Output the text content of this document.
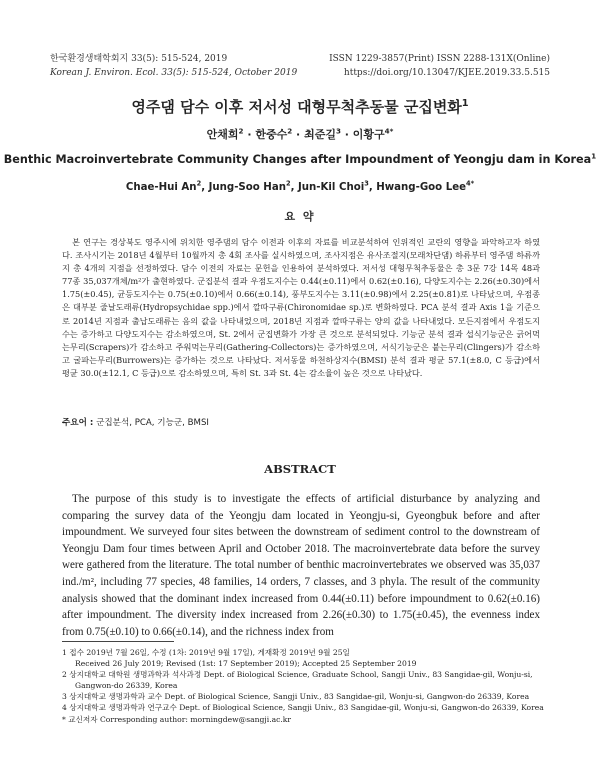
한국환경생태학회지 33(5): 515-524, 2019
Korean J. Environ. Ecol. 33(5): 515-524, October 2019
ISSN 1229-3857(Print) ISSN 2288-131X(Online)
https://doi.org/10.13047/KJEE.2019.33.5.515
영주댐 담수 이후 저서성 대형무척추동물 군집변화$^1$
안채희$^2$ · 한중수$^2$ · 최준길$^3$ · 이황구$^{4*}$
Benthic Macroinvertebrate Community Changes after Impoundment of Yeongju dam in Korea$^1$
Chae-Hui An$^2$, Jung-Soo Han$^2$, Jun-Kil Choi$^3$, Hwang-Goo Lee$^{4*}$
요 약

본 연구는 경상북도 영주시에 위치한 영주댐의 담수 이전과 이후의 자료를 비교분석하여 인위적인 교란의 영향을 파악하고자 하였다. 조사시기는 2018년 4월부터 10월까지 총 4회 조사를 실시하였으며, 조사지점은 유사조절지(모래차단댐) 하류부터 영주댐 하류까지 총 4개의 지점을 선정하였다. 담수 이전의 자료는 문헌을 인용하여 분석하였다. 저서성 대형무척추동물은 총 3문 7강 14목 48과 77종 35,037개체/m²가 출현하였다. 군집분석 결과 우점도지수는 0.44(±0.11)에서 0.62(±0.16), 다양도지수는 2.26(±0.30)에서 1.75(±0.45), 균등도지수는 0.75(±0.10)에서 0.66(±0.14), 풍부도지수는 3.11(±0.98)에서 2.25(±0.81)로 나타났으며, 우점종은 대부분 줄날도래류(Hydropsychidae spp.)에서 깔따구류(Chironomidae sp.)로 변화하였다. PCA 분석 결과 Axis 1을 기준으로 2014년 지점과 출납도래류는 음의 값을 나타내었으며, 2018년 지점과 깔따구류는 양의 값을 나타내었다. 모든지점에서 우점도지수는 증가하고 다양도지수는 감소하였으며, St. 2에서 군집변화가 가장 큰 것으로 분석되었다. 기능군 분석 결과 섭식기능군은 긁어먹는무리(Scrapers)가 감소하고 주워먹는무리(Gathering-Collectors)는 증가하였으며, 서식기능군은 붙는무리(Clingers)가 감소하고 굴파는무리(Burrowers)는 증가하는 것으로 나타났다. 저서동물 하천하상지수(BMSI) 분석 결과 평균 57.1(±8.0, C 등급)에서 평균 30.0(±12.1, C 등급)으로 감소하였으며, 특히 St. 3과 St. 4는 감소율이 높은 것으로 나타났다.

주요어 : 군집분석, PCA, 기능군, BMSI
ABSTRACT

The purpose of this study is to investigate the effects of artificial disturbance by analyzing and comparing the survey data of the Yeongju dam located in Yeongju-si, Gyeongbuk before and after impoundment. We surveyed four sites between the downstream of sediment control to the downstream of Yeongju Dam four times between April and October 2018. The macroinvertebrate data before the survey were gathered from the literature. The total number of benthic macroinvertebrates we observed was 35,037 ind./m², including 77 species, 48 families, 14 orders, 7 classes, and 3 phyla. The result of the community analysis showed that the dominant index increased from 0.44(±0.11) before impoundment to 0.62(±0.16) after impoundment. The diversity index increased from 2.26(±0.30) to 1.75(±0.45), the evenness index from 0.75(±0.10) to 0.66(±0.14), and the richness index from

1 접수 2019년 7월 26일, 수정 (1차: 2019년 9월 17일), 게재확정 2019년 9월 25일
Received 26 July 2019; Revised (1st: 17 September 2019); Accepted 25 September 2019

2 상지대학교 대학원 생명과학과 석사과정 Dept. of Biological Science, Graduate School, Sangji Univ., 83 Sangidae-gil, Wonju-si,
Gangwon-do 26339, Korea

3 상지대학교 생명과학과 교수 Dept. of Biological Science, Sangji Univ., 83 Sangidae-gil, Wonju-si, Gangwon-do 26339, Korea

4 상지대학교 생명과학과 연구교수 Dept. of Biological Science, Sangji Univ., 83 Sangidae-gil, Wonju-si, Gangwon-do 26339, Korea

* 교신저자 Corresponding author: morningdew@sangji.ac.kr
